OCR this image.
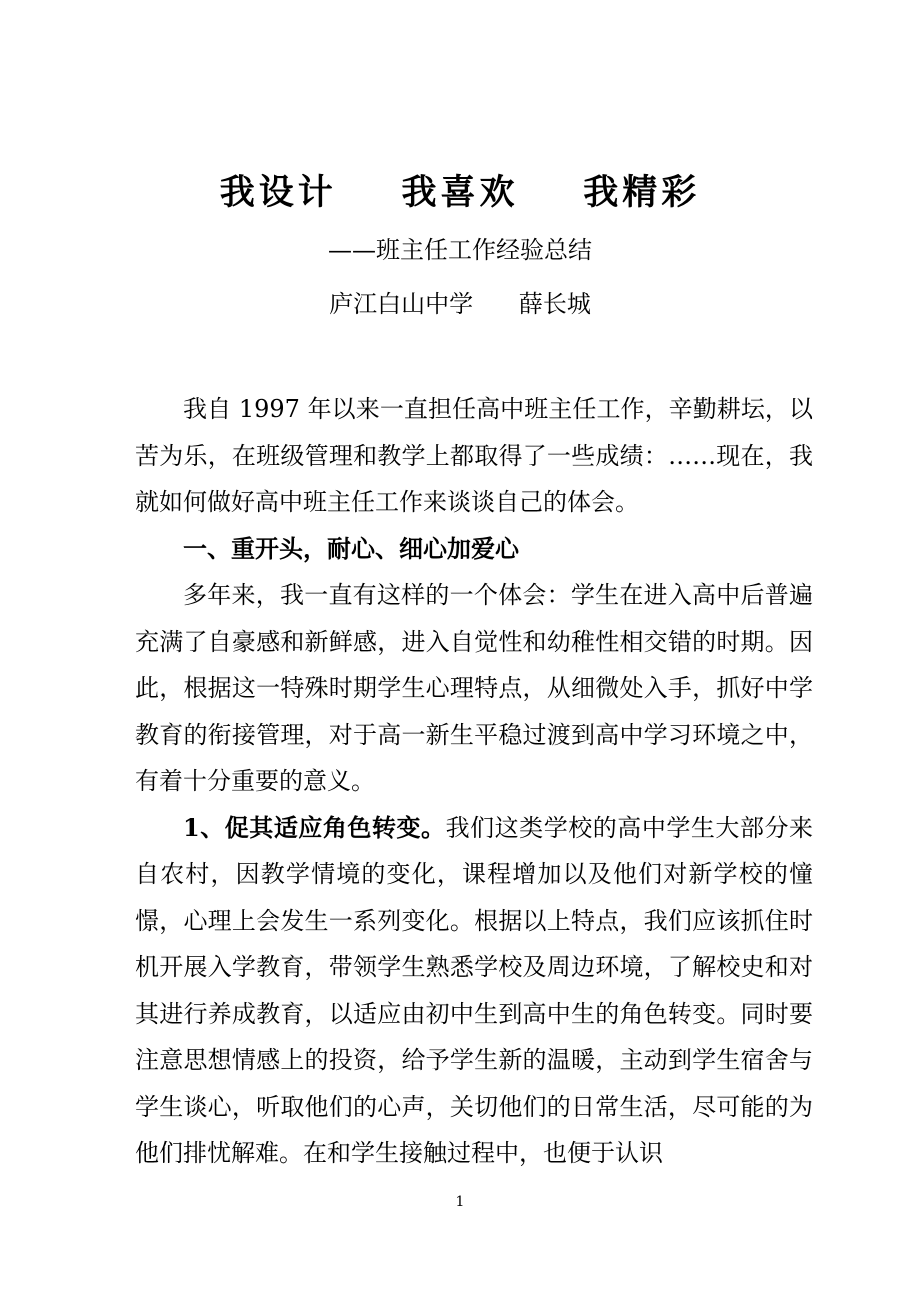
我设计    我喜欢    我精彩
——班主任工作经验总结
庐江白山中学      薛长城

我自 1997 年以来一直担任高中班主任工作，辛勤耕坛，以苦为乐，在班级管理和教学上都取得了一些成绩：……现在，我就如何做好高中班主任工作来谈谈自己的体会。

一、重开头，耐心、细心加爱心

多年来，我一直有这样的一个体会：学生在进入高中后普遍充满了自豪感和新鲜感，进入自觉性和幼稚性相交错的时期。因此，根据这一特殊时期学生心理特点，从细微处入手，抓好中学教育的衔接管理，对于高一新生平稳过渡到高中学习环境之中，有着十分重要的意义。

1、促其适应角色转变。我们这类学校的高中学生大部分来自农村，因教学情境的变化，课程增加以及他们对新学校的憧憬，心理上会发生一系列变化。根据以上特点，我们应该抓住时机开展入学教育，带领学生熟悉学校及周边环境，了解校史和对其进行养成教育，以适应由初中生到高中生的角色转变。同时要注意思想情感上的投资，给予学生新的温暖，主动到学生宿舍与学生谈心，听取他们的心声，关切他们的日常生活，尽可能的为他们排忧解难。在和学生接触过程中，也便于认识

1
